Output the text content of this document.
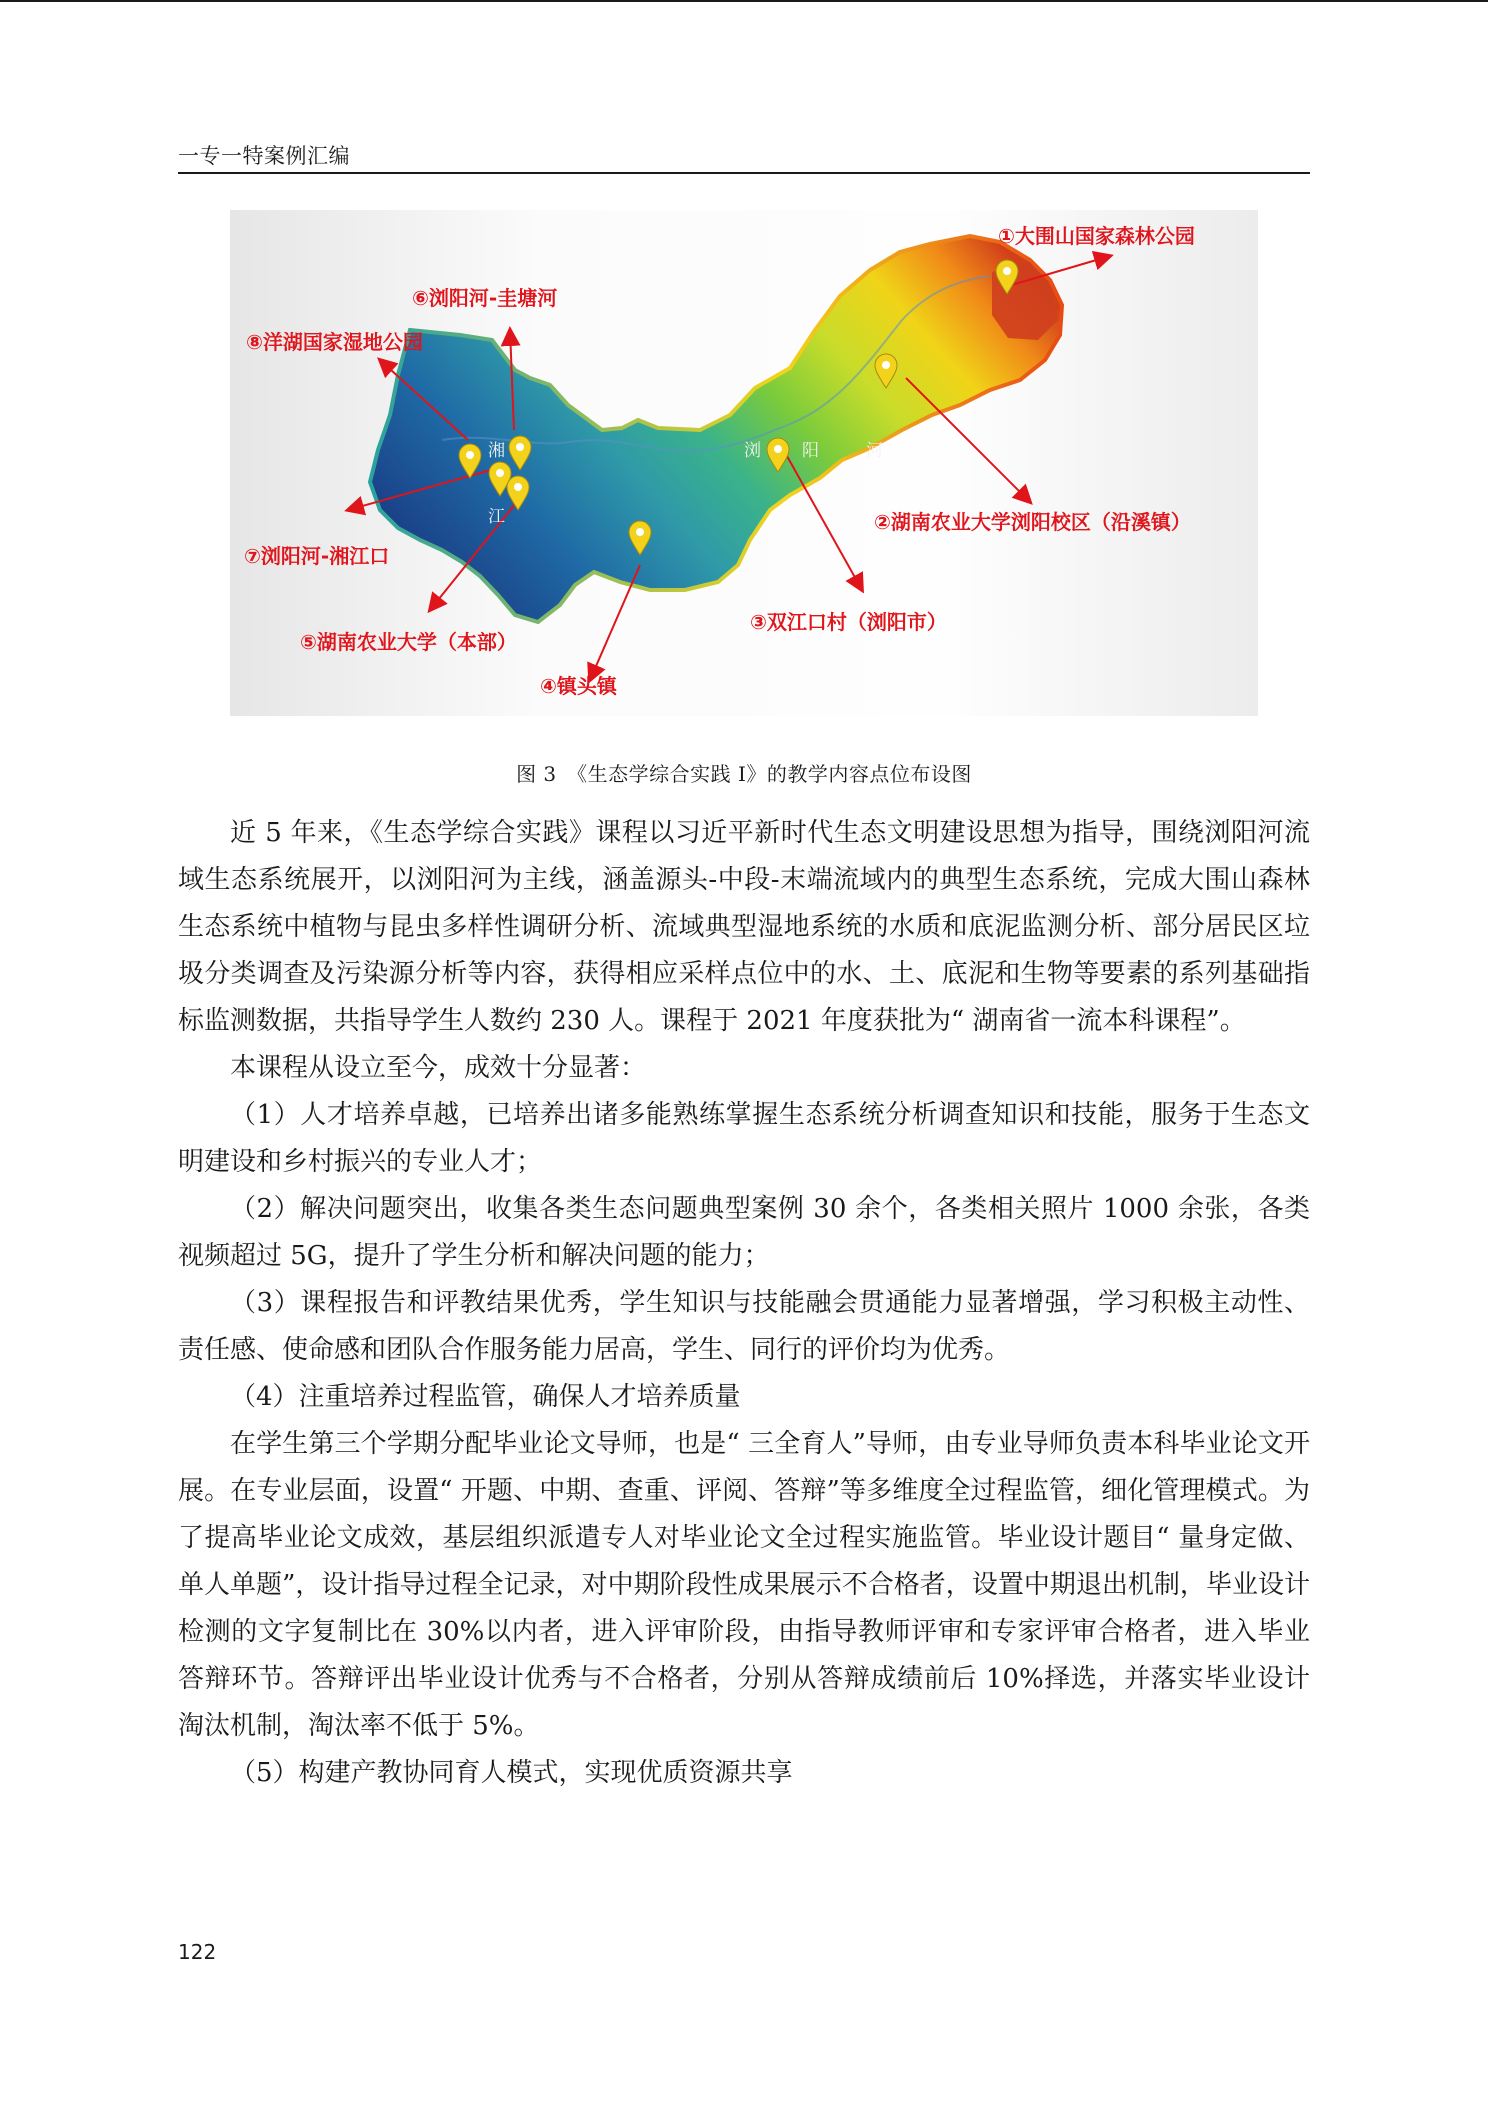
一专一特案例汇编
①大围山国家森林公园
②湖南农业大学浏阳校区（沿溪镇）
③双江口村（浏阳市）
④镇头镇
⑤湖南农业大学（本部）
⑥浏阳河-圭塘河
⑦浏阳河-湘江口
⑧洋湖国家湿地公园
湘
江
浏 阳	河
图 3　《生态学综合实践 I》的教学内容点位布设图

近 5 年来，《生态学综合实践》课程以习近平新时代生态文明建设思想为指导，围绕浏阳河流域生态系统展开，以浏阳河为主线，涵盖源头-中段-末端流域内的典型生态系统，完成大围山森林生态系统中植物与昆虫多样性调研分析、流域典型湿地系统的水质和底泥监测分析、部分居民区垃圾分类调查及污染源分析等内容，获得相应采样点位中的水、土、底泥和生物等要素的系列基础指标监测数据，共指导学生人数约 230 人。课程于 2021 年度获批为“ 湖南省一流本科课程”。

本课程从设立至今，成效十分显著：

（1）人才培养卓越，已培养出诸多能熟练掌握生态系统分析调查知识和技能，服务于生态文明建设和乡村振兴的专业人才；

（2）解决问题突出，收集各类生态问题典型案例 30 余个，各类相关照片 1000 余张，各类视频超过 5G，提升了学生分析和解决问题的能力；

（3）课程报告和评教结果优秀，学生知识与技能融会贯通能力显著增强，学习积极主动性、责任感、使命感和团队合作服务能力居高，学生、同行的评价均为优秀。

（4）注重培养过程监管，确保人才培养质量

在学生第三个学期分配毕业论文导师，也是“ 三全育人”导师，由专业导师负责本科毕业论文开展。在专业层面，设置“ 开题、中期、查重、评阅、答辩”等多维度全过程监管，细化管理模式。为了提高毕业论文成效，基层组织派遣专人对毕业论文全过程实施监管。毕业设计题目“ 量身定做、单人单题”，设计指导过程全记录，对中期阶段性成果展示不合格者，设置中期退出机制，毕业设计检测的文字复制比在 30%以内者，进入评审阶段，由指导教师评审和专家评审合格者，进入毕业答辩环节。答辩评出毕业设计优秀与不合格者，分别从答辩成绩前后 10%择选，并落实毕业设计淘汰机制，淘汰率不低于 5%。

（5）构建产教协同育人模式，实现优质资源共享

122
